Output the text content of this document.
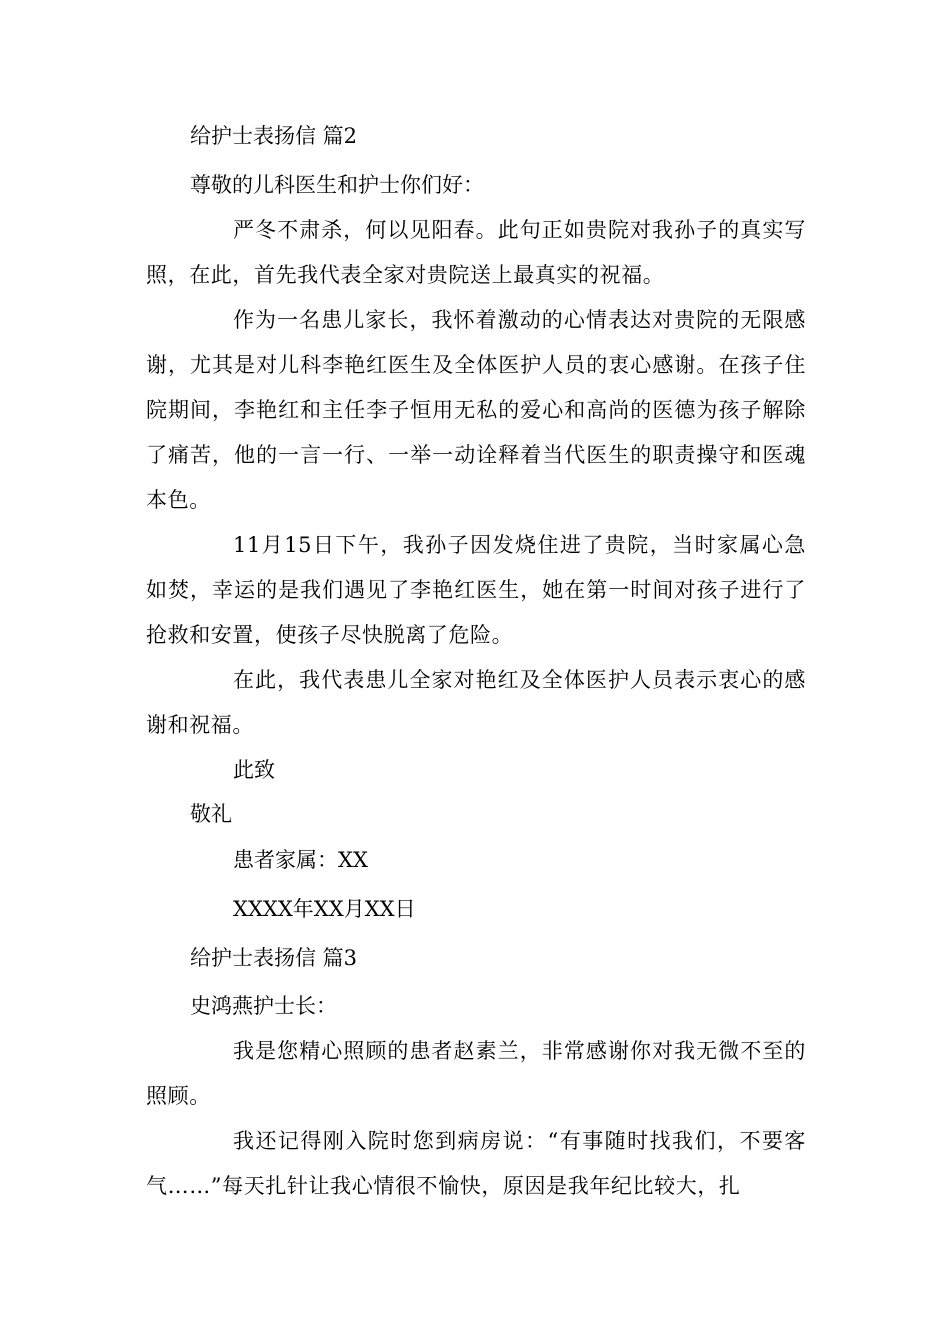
给护士表扬信 篇2
尊敬的儿科医生和护士你们好：
严冬不肃杀，何以见阳春。此句正如贵院对我孙子的真实写照，在此，首先我代表全家对贵院送上最真实的祝福。
作为一名患儿家长，我怀着激动的心情表达对贵院的无限感谢，尤其是对儿科李艳红医生及全体医护人员的衷心感谢。在孩子住院期间，李艳红和主任李子恒用无私的爱心和高尚的医德为孩子解除了痛苦，他的一言一行、一举一动诠释着当代医生的职责操守和医魂本色。
11月15日下午，我孙子因发烧住进了贵院，当时家属心急如焚，幸运的是我们遇见了李艳红医生，她在第一时间对孩子进行了抢救和安置，使孩子尽快脱离了危险。
在此，我代表患儿全家对艳红及全体医护人员表示衷心的感谢和祝福。
此致
敬礼
患者家属：XX
XXXX年XX月XX日
给护士表扬信 篇3
史鸿燕护士长：
我是您精心照顾的患者赵素兰，非常感谢你对我无微不至的照顾。
我还记得刚入院时您到病房说：“有事随时找我们，不要客气……”每天扎针让我心情很不愉快，原因是我年纪比较大，扎
